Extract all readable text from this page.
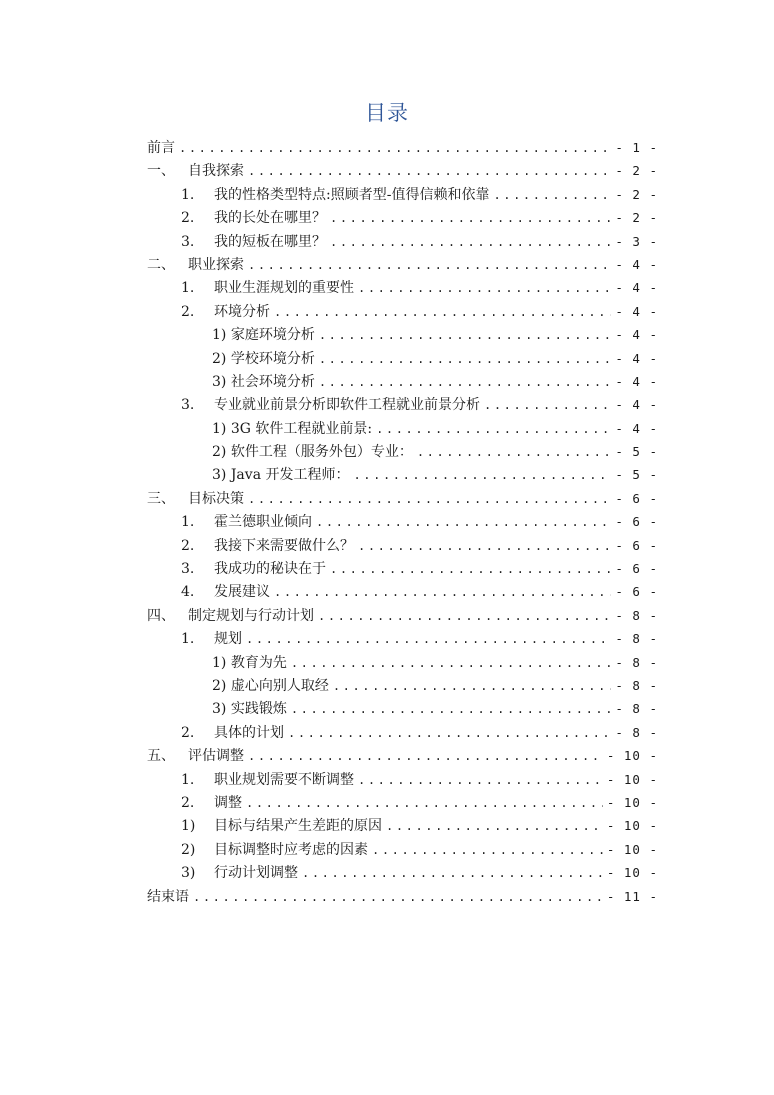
目录
前言 .....	- 1 -
一、 自我探索 .....	- 2 -
1.	我的性格类型特点:照顾者型-值得信赖和依靠 .....	- 2 -
2.	我的长处在哪里？ .....	- 2 -
3.	我的短板在哪里？ .....	- 3 -
二、 职业探索 .....	- 4 -
1.	职业生涯规划的重要性 .....	- 4 -
2.	环境分析 .....	- 4 -
1) 家庭环境分析 .....	- 4 -
2) 学校环境分析 .....	- 4 -
3) 社会环境分析 .....	- 4 -
3.	专业就业前景分析即软件工程就业前景分析 .....	- 4 -
1) 3G 软件工程就业前景: .....	- 4 -
2) 软件工程（服务外包）专业： .....	- 5 -
3) Java 开发工程师： .....	- 5 -
三、 目标决策 .....	- 6 -
1.	霍兰德职业倾向 .....	- 6 -
2.	我接下来需要做什么？ .....	- 6 -
3.	我成功的秘诀在于 .....	- 6 -
4.	发展建议 .....	- 6 -
四、 制定规划与行动计划 .....	- 8 -
1.	规划 .....	- 8 -
1) 教育为先 .....	- 8 -
2) 虚心向别人取经 .....	- 8 -
3) 实践锻炼 .....	- 8 -
2.	具体的计划 .....	- 8 -
五、 评估调整 .....	- 10 -
1.	职业规划需要不断调整 .....	- 10 -
2.	调整 .....	- 10 -
1)	目标与结果产生差距的原因 .....	- 10 -
2)	目标调整时应考虑的因素 .....	- 10 -
3)	行动计划调整 .....	- 10 -
结束语 .....	- 11 -
